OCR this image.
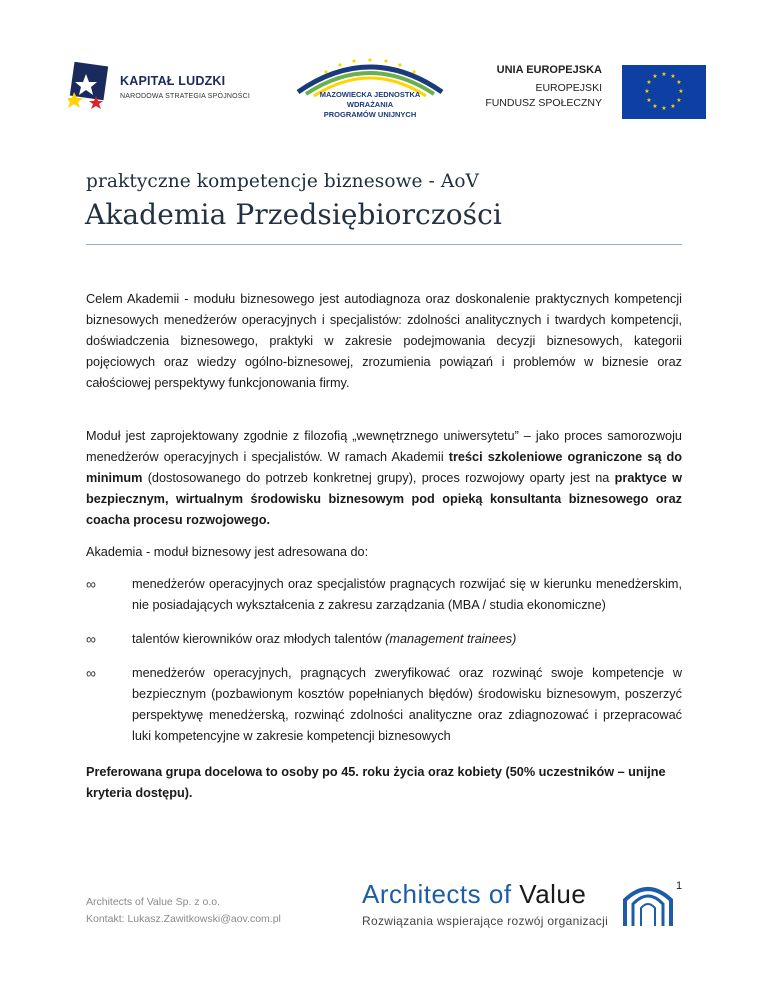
KAPITAŁ LUDZKI
NARODOWA STRATEGIA SPÓJNOŚCI	MAZOWIECKA JEDNOSTKA
WDRAŻANIA
PROGRAMÓW UNIJNYCH
UNIA EUROPEJSKA
EUROPEJSKI
FUNDUSZ SPOŁECZNY
★ ★
★
★
★
★
★
★
★
★
★
★
praktyczne kompetencje biznesowe - AoV
Akademia Przedsiębiorczości

Celem Akademii - modułu biznesowego jest autodiagnoza oraz doskonalenie praktycznych kompetencji biznesowych menedżerów operacyjnych i specjalistów: zdolności analitycznych i twardych kompetencji, doświadczenia biznesowego, praktyki w zakresie podejmowania decyzji biznesowych, kategorii pojęciowych oraz wiedzy ogólno-biznesowej, zrozumienia powiązań i problemów w biznesie oraz całościowej perspektywy funkcjonowania firmy.

Moduł jest zaprojektowany zgodnie z filozofią „wewnętrznego uniwersytetu” – jako proces samorozwoju menedżerów operacyjnych i specjalistów. W ramach Akademii treści szkoleniowe ograniczone są do minimum (dostosowanego do potrzeb konkretnej grupy), proces rozwojowy oparty jest na praktyce w bezpiecznym, wirtualnym środowisku biznesowym pod opieką konsultanta biznesowego oraz coacha procesu rozwojowego.

Akademia - moduł biznesowy jest adresowana do:

∞	menedżerów operacyjnych oraz specjalistów pragnących rozwijać się w kierunku menedżerskim, nie posiadających wykształcenia z zakresu zarządzania (MBA / studia ekonomiczne)
∞	talentów kierowników oraz młodych talentów (management trainees)
∞	menedżerów operacyjnych, pragnących zweryfikować oraz rozwinąć swoje kompetencje w bezpiecznym (pozbawionym kosztów popełnianych błędów) środowisku biznesowym, poszerzyć perspektywę menedżerską, rozwinąć zdolności analityczne oraz zdiagnozować i przepracować luki kompetencyjne w zakresie kompetencji biznesowych

Preferowana grupa docelowa to osoby po 45. roku życia oraz kobiety (50% uczestników – unijne kryteria dostępu).

Architects of Value Sp. z o.o.
Kontakt: Lukasz.Zawitkowski@aov.com.pl
Architects of Value
Rozwiązania wspierające rozwój organizacji
1
